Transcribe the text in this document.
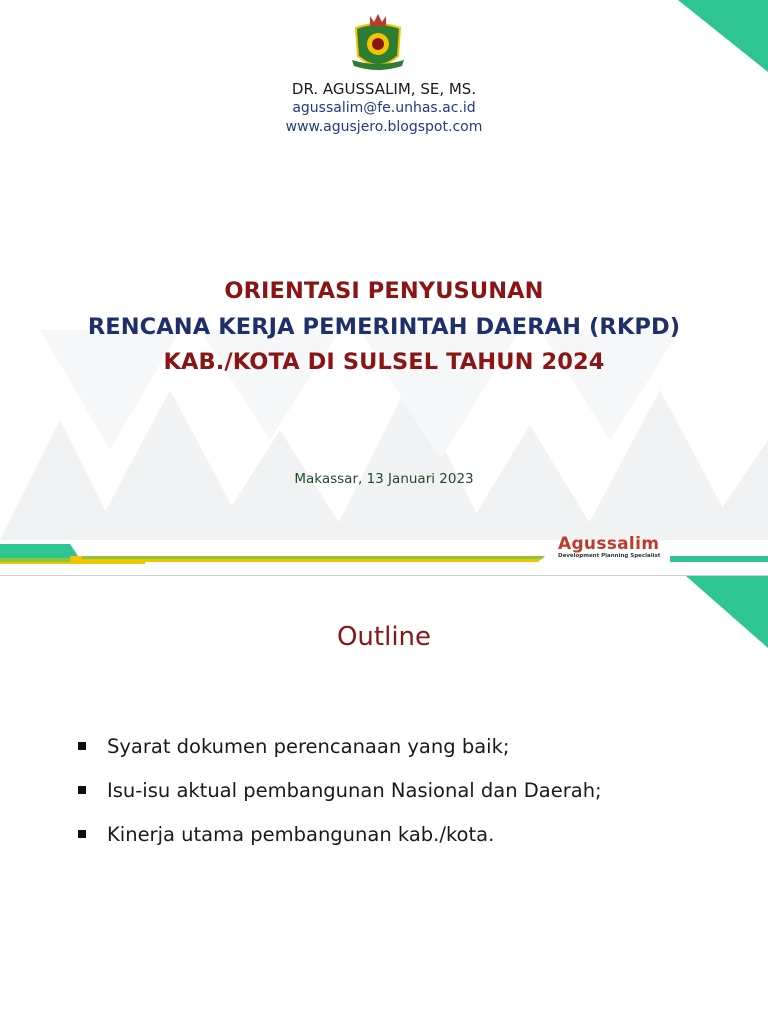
DR. AGUSSALIM, SE, MS.
agussalim@fe.unhas.ac.id
www.agusjero.blogspot.com
ORIENTASI PENYUSUNAN
RENCANA KERJA PEMERINTAH DAERAH (RKPD)
KAB./KOTA DI SULSEL TAHUN 2024
Makassar, 13 Januari 2023
Agussalim
Development Planning Specialist
Outline
Syarat dokumen perencanaan yang baik;
Isu-isu aktual pembangunan Nasional dan Daerah;
Kinerja utama pembangunan kab./kota.
